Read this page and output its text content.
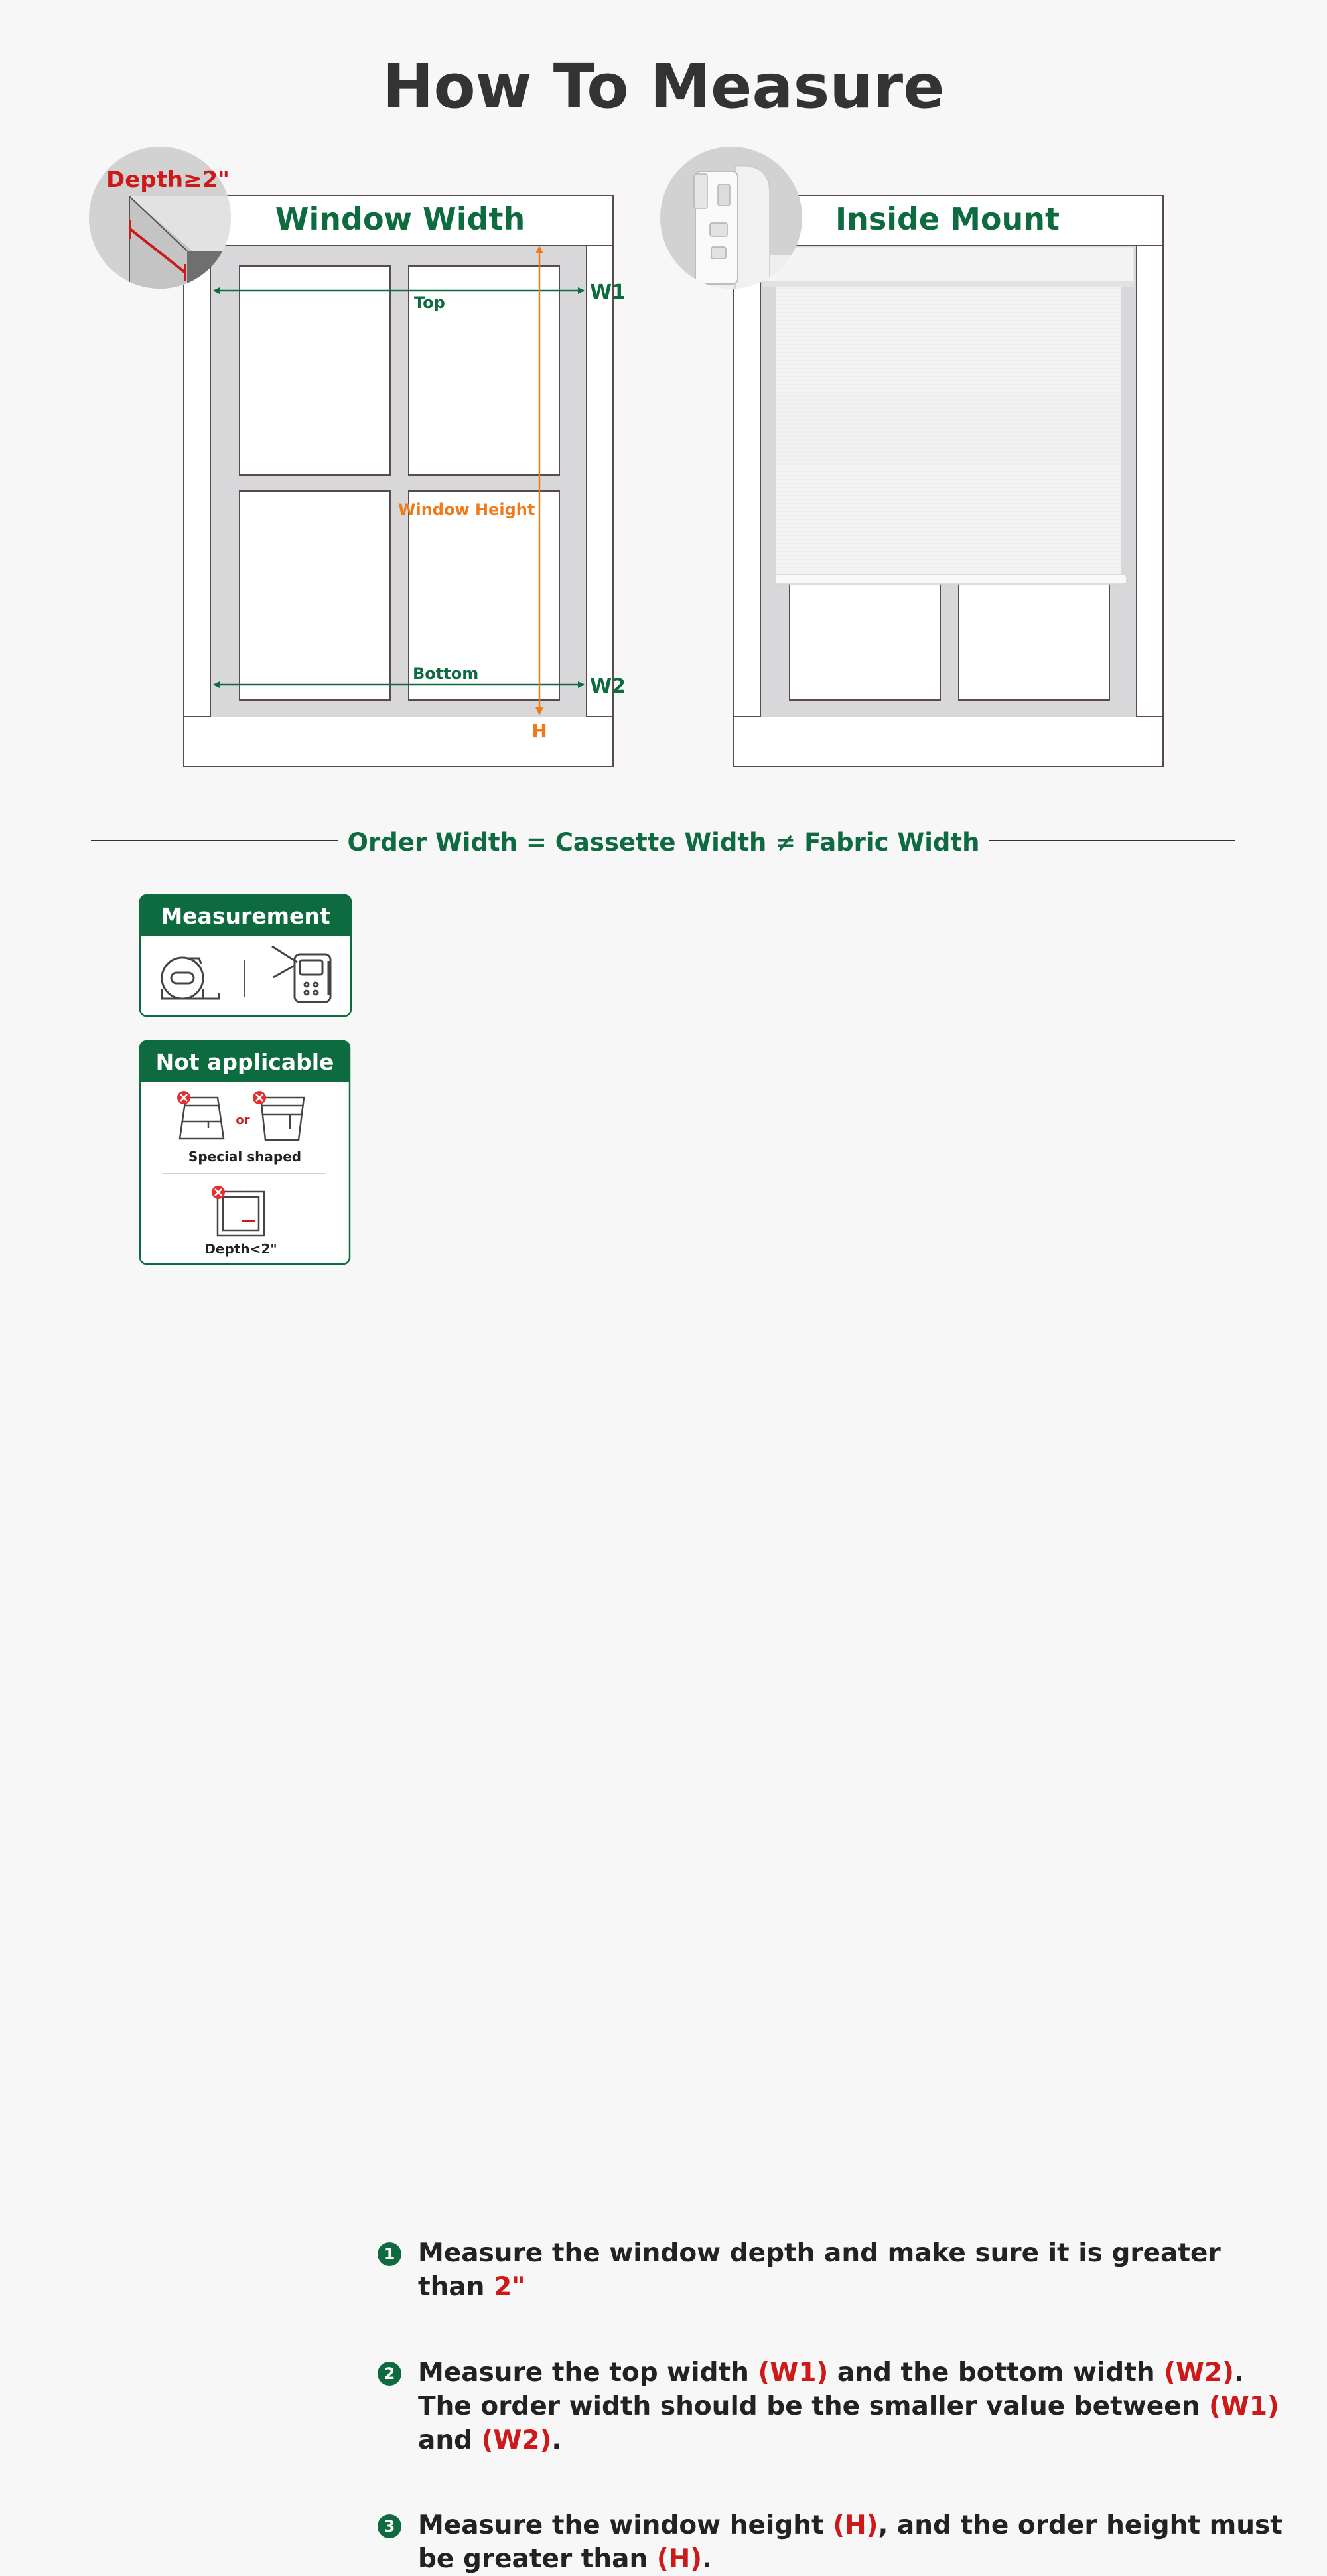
How To Measure
Window Width
Top	W1
Bottom
W2
Window Height
H
Depth≥2"
Inside Mount
Order Width = Cassette Width ≠ Fabric Width
Measurement
Not applicable
or
Special shaped
Depth<2"
1 Measure the window depth and make sure it is greater than 2"
2 Measure the top width (W1) and the bottom width (W2). The order width should be the smaller value between (W1) and (W2).
3 Measure the window height (H), and the order height must be greater than (H).
